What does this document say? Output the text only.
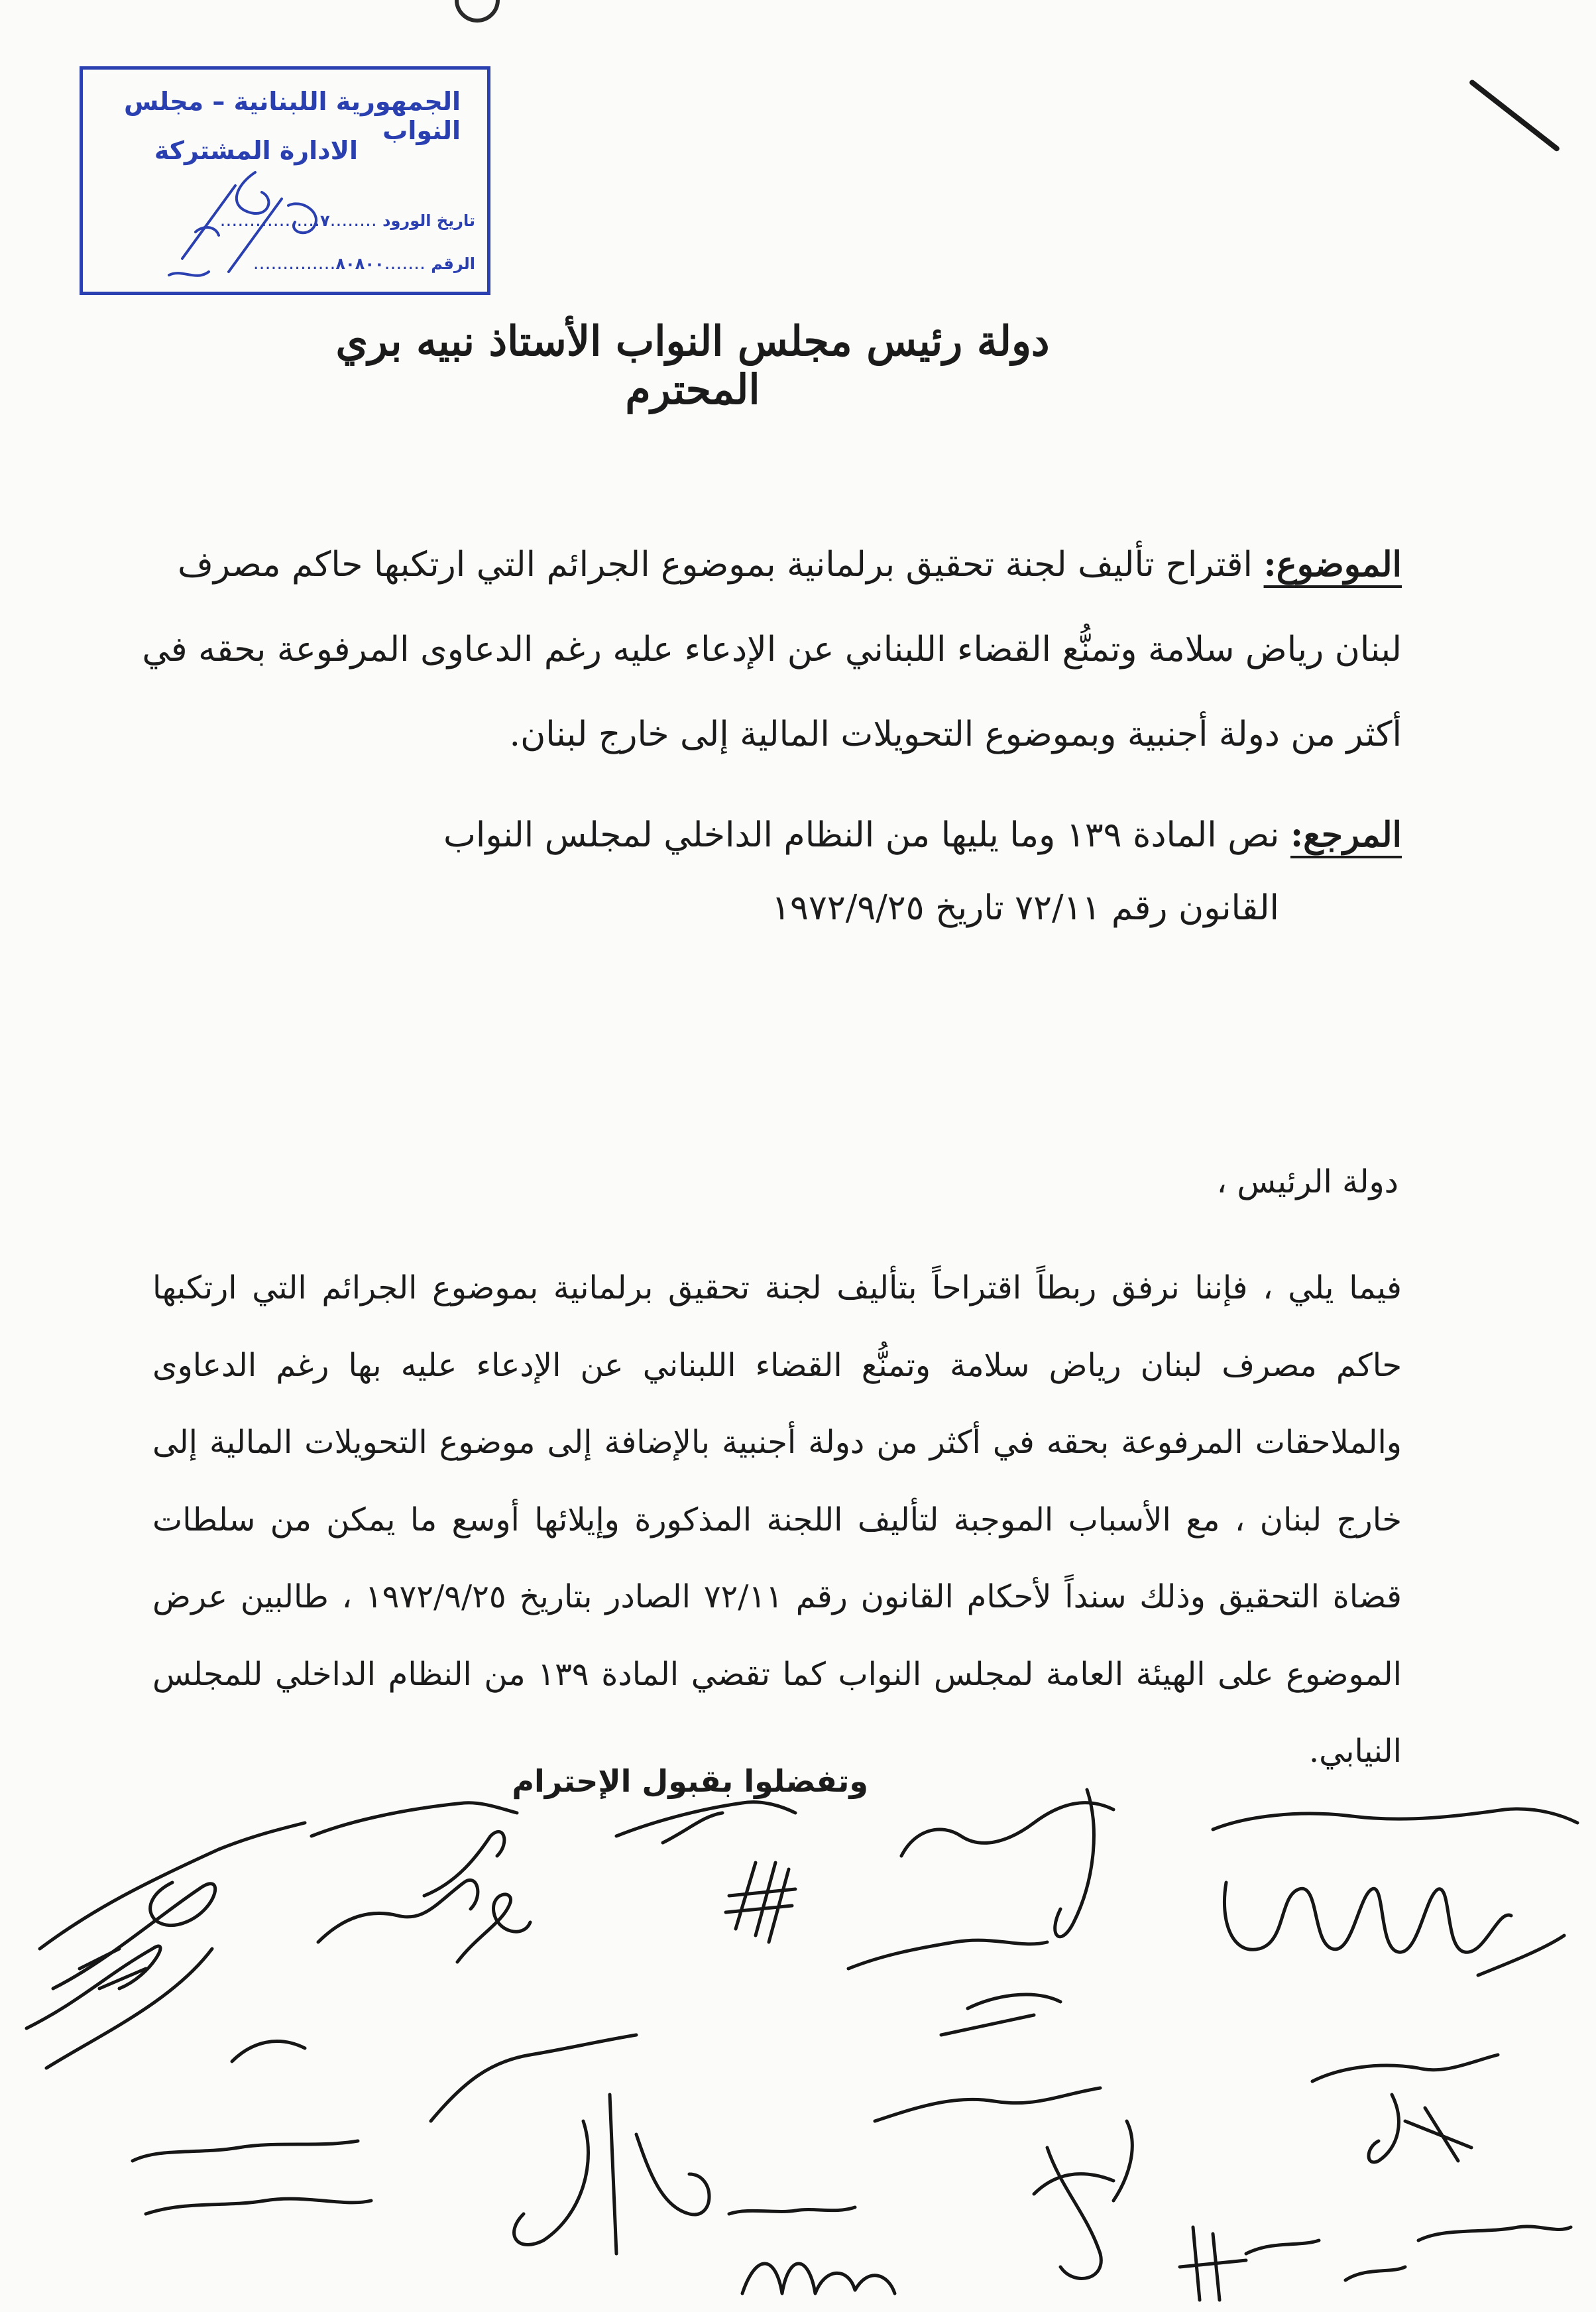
الجمهورية اللبنانية – مجلس النواب
الادارة المشتركة
تاريخ الورود ........٧.................
الرقم .......٨٠٨٠٠..............
دولة رئيس مجلس النواب الأستاذ نبيه بري المحترم
الموضوع: اقتراح تأليف لجنة تحقيق برلمانية بموضوع الجرائم التي ارتكبها حاكم مصرف لبنان رياض سلامة وتمنُّع القضاء اللبناني عن الإدعاء عليه رغم الدعاوى المرفوعة بحقه في أكثر من دولة أجنبية وبموضوع التحويلات المالية إلى خارج لبنان.
المرجع: نص المادة ١٣٩ وما يليها من النظام الداخلي لمجلس النواب
القانون رقم ٧٢/١١ تاريخ ١٩٧٢/٩/٢٥
دولة الرئيس ،
فيما يلي ، فإننا نرفق ربطاً اقتراحاً بتأليف لجنة تحقيق برلمانية بموضوع الجرائم التي ارتكبها حاكم مصرف لبنان رياض سلامة وتمنُّع القضاء اللبناني عن الإدعاء عليه بها رغم الدعاوى والملاحقات المرفوعة بحقه في أكثر من دولة أجنبية بالإضافة إلى موضوع التحويلات المالية إلى خارج لبنان ، مع الأسباب الموجبة لتأليف اللجنة المذكورة وإيلائها أوسع ما يمكن من سلطات قضاة التحقيق وذلك سنداً لأحكام القانون رقم ٧٢/١١ الصادر بتاريخ ١٩٧٢/٩/٢٥ ، طالبين عرض الموضوع على الهيئة العامة لمجلس النواب كما تقضي المادة ١٣٩ من النظام الداخلي للمجلس النيابي.
وتفضلوا بقبول الإحترام
